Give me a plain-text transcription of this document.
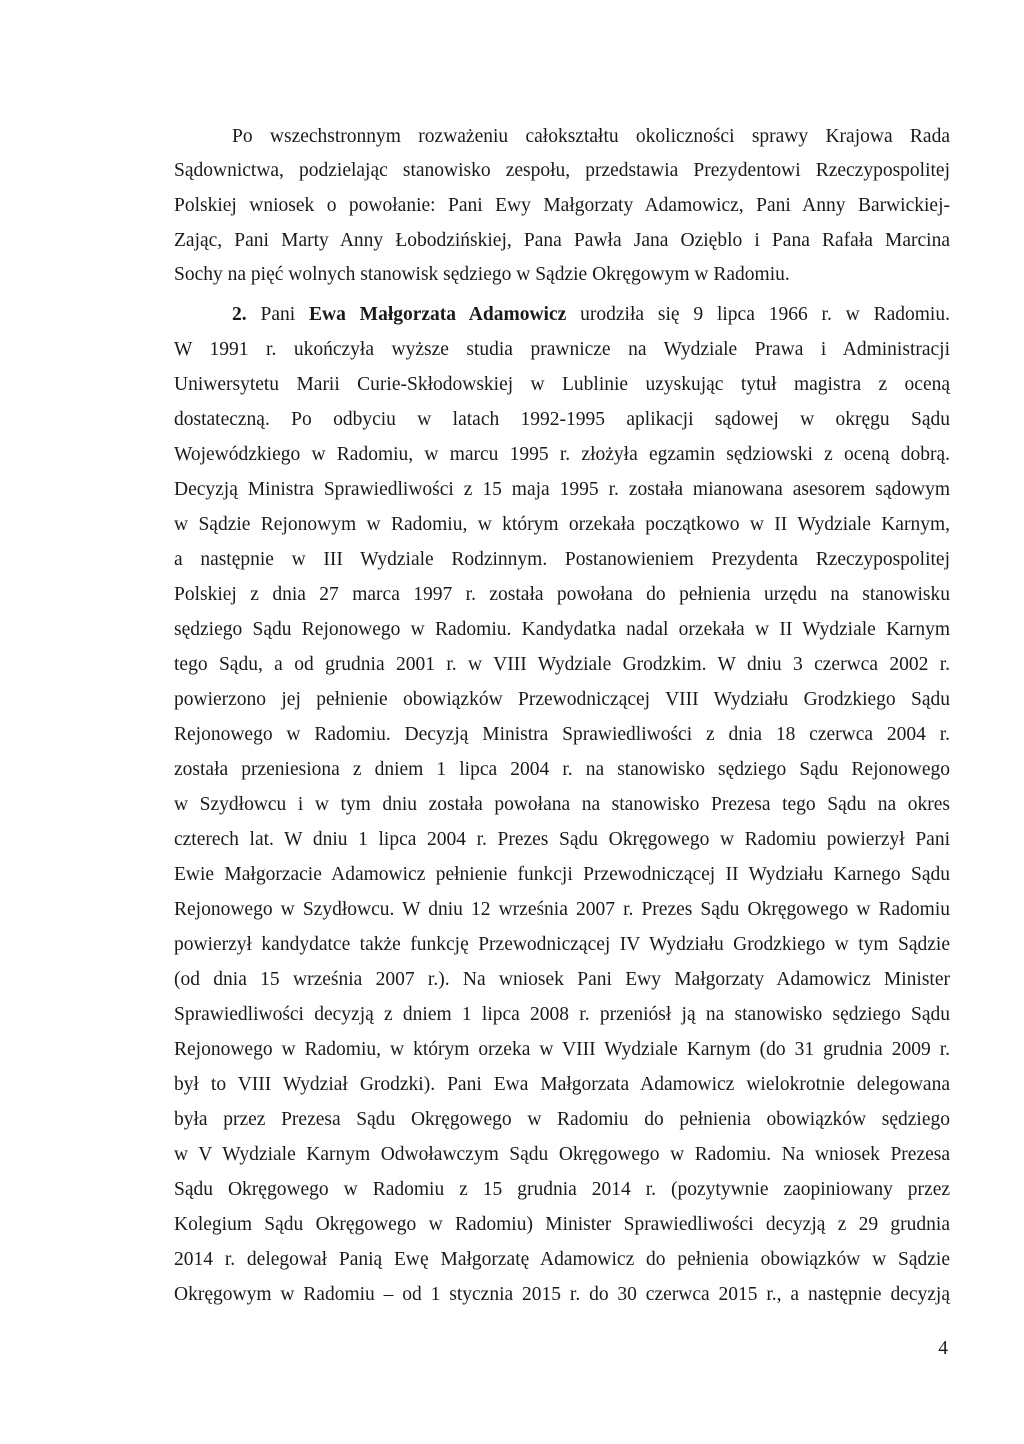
Po wszechstronnym rozważeniu całokształtu okoliczności sprawy Krajowa Rada
Sądownictwa, podzielając stanowisko zespołu, przedstawia Prezydentowi Rzeczypospolitej
Polskiej wniosek o powołanie: Pani Ewy Małgorzaty Adamowicz, Pani Anny Barwickiej-
Zając, Pani Marty Anny Łobodzińskiej, Pana Pawła Jana Ozięblo i Pana Rafała Marcina
Sochy na pięć wolnych stanowisk sędziego w Sądzie Okręgowym w Radomiu.
2. Pani Ewa Małgorzata Adamowicz urodziła się 9 lipca 1966 r. w Radomiu.
W 1991 r. ukończyła wyższe studia prawnicze na Wydziale Prawa i Administracji
Uniwersytetu Marii Curie-Skłodowskiej w Lublinie uzyskując tytuł magistra z oceną
dostateczną. Po odbyciu w latach 1992-1995 aplikacji sądowej w okręgu Sądu
Wojewódzkiego w Radomiu, w marcu 1995 r. złożyła egzamin sędziowski z oceną dobrą.
Decyzją Ministra Sprawiedliwości z 15 maja 1995 r. została mianowana asesorem sądowym
w Sądzie Rejonowym w Radomiu, w którym orzekała początkowo w II Wydziale Karnym,
a następnie w III Wydziale Rodzinnym. Postanowieniem Prezydenta Rzeczypospolitej
Polskiej z dnia 27 marca 1997 r. została powołana do pełnienia urzędu na stanowisku
sędziego Sądu Rejonowego w Radomiu. Kandydatka nadal orzekała w II Wydziale Karnym
tego Sądu, a od grudnia 2001 r. w VIII Wydziale Grodzkim. W dniu 3 czerwca 2002 r.
powierzono jej pełnienie obowiązków Przewodniczącej VIII Wydziału Grodzkiego Sądu
Rejonowego w Radomiu. Decyzją Ministra Sprawiedliwości z dnia 18 czerwca 2004 r.
została przeniesiona z dniem 1 lipca 2004 r. na stanowisko sędziego Sądu Rejonowego
w Szydłowcu i w tym dniu została powołana na stanowisko Prezesa tego Sądu na okres
czterech lat. W dniu 1 lipca 2004 r. Prezes Sądu Okręgowego w Radomiu powierzył Pani
Ewie Małgorzacie Adamowicz pełnienie funkcji Przewodniczącej II Wydziału Karnego Sądu
Rejonowego w Szydłowcu. W dniu 12 września 2007 r. Prezes Sądu Okręgowego w Radomiu
powierzył kandydatce także funkcję Przewodniczącej IV Wydziału Grodzkiego w tym Sądzie
(od dnia 15 września 2007 r.). Na wniosek Pani Ewy Małgorzaty Adamowicz Minister
Sprawiedliwości decyzją z dniem 1 lipca 2008 r. przeniósł ją na stanowisko sędziego Sądu
Rejonowego w Radomiu, w którym orzeka w VIII Wydziale Karnym (do 31 grudnia 2009 r.
był to VIII Wydział Grodzki). Pani Ewa Małgorzata Adamowicz wielokrotnie delegowana
była przez Prezesa Sądu Okręgowego w Radomiu do pełnienia obowiązków sędziego
w V Wydziale Karnym Odwoławczym Sądu Okręgowego w Radomiu. Na wniosek Prezesa
Sądu Okręgowego w Radomiu z 15 grudnia 2014 r. (pozytywnie zaopiniowany przez
Kolegium Sądu Okręgowego w Radomiu) Minister Sprawiedliwości decyzją z 29 grudnia
2014 r. delegował Panią Ewę Małgorzatę Adamowicz do pełnienia obowiązków w Sądzie
Okręgowym w Radomiu – od 1 stycznia 2015 r. do 30 czerwca 2015 r., a następnie decyzją
4
